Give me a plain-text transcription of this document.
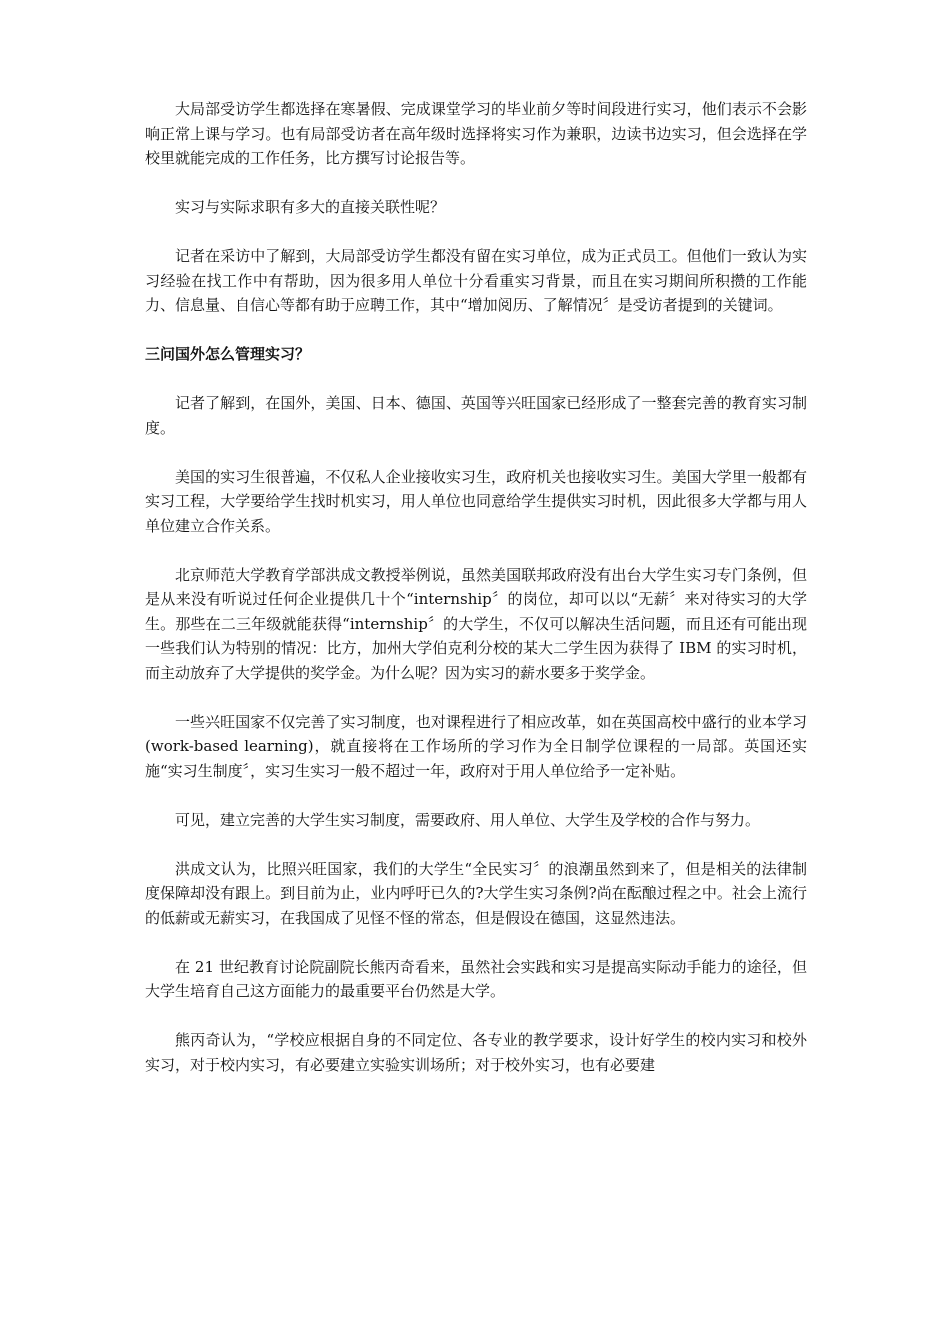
大局部受访学生都选择在寒暑假、完成课堂学习的毕业前夕等时间段进行实习，他们表示不会影响正常上课与学习。也有局部受访者在高年级时选择将实习作为兼职，边读书边实习，但会选择在学校里就能完成的工作任务，比方撰写讨论报告等。

实习与实际求职有多大的直接关联性呢？

记者在采访中了解到，大局部受访学生都没有留在实习单位，成为正式员工。但他们一致认为实习经验在找工作中有帮助，因为很多用人单位十分看重实习背景，而且在实习期间所积攒的工作能力、信息量、自信心等都有助于应聘工作，其中“增加阅历、了解情况〞是受访者提到的关键词。

三问国外怎么管理实习？

记者了解到，在国外，美国、日本、德国、英国等兴旺国家已经形成了一整套完善的教育实习制度。

美国的实习生很普遍，不仅私人企业接收实习生，政府机关也接收实习生。美国大学里一般都有实习工程，大学要给学生找时机实习，用人单位也同意给学生提供实习时机，因此很多大学都与用人单位建立合作关系。

北京师范大学教育学部洪成文教授举例说，虽然美国联邦政府没有出台大学生实习专门条例，但是从来没有听说过任何企业提供几十个“internship〞的岗位，却可以以“无薪〞来对待实习的大学生。那些在二三年级就能获得“internship〞的大学生，不仅可以解决生活问题，而且还有可能出现一些我们认为特别的情况：比方，加州大学伯克利分校的某大二学生因为获得了 IBM 的实习时机，而主动放弃了大学提供的奖学金。为什么呢？因为实习的薪水要多于奖学金。

一些兴旺国家不仅完善了实习制度，也对课程进行了相应改革，如在英国高校中盛行的业本学习(work-based learning)，就直接将在工作场所的学习作为全日制学位课程的一局部。英国还实施“实习生制度〞，实习生实习一般不超过一年，政府对于用人单位给予一定补贴。

可见，建立完善的大学生实习制度，需要政府、用人单位、大学生及学校的合作与努力。

洪成文认为，比照兴旺国家，我们的大学生“全民实习〞的浪潮虽然到来了，但是相关的法律制度保障却没有跟上。到目前为止，业内呼吁已久的?大学生实习条例?尚在酝酿过程之中。社会上流行的低薪或无薪实习，在我国成了见怪不怪的常态，但是假设在德国，这显然违法。

在 21 世纪教育讨论院副院长熊丙奇看来，虽然社会实践和实习是提高实际动手能力的途径，但大学生培育自己这方面能力的最重要平台仍然是大学。

熊丙奇认为，“学校应根据自身的不同定位、各专业的教学要求，设计好学生的校内实习和校外实习，对于校内实习，有必要建立实验实训场所；对于校外实习，也有必要建
